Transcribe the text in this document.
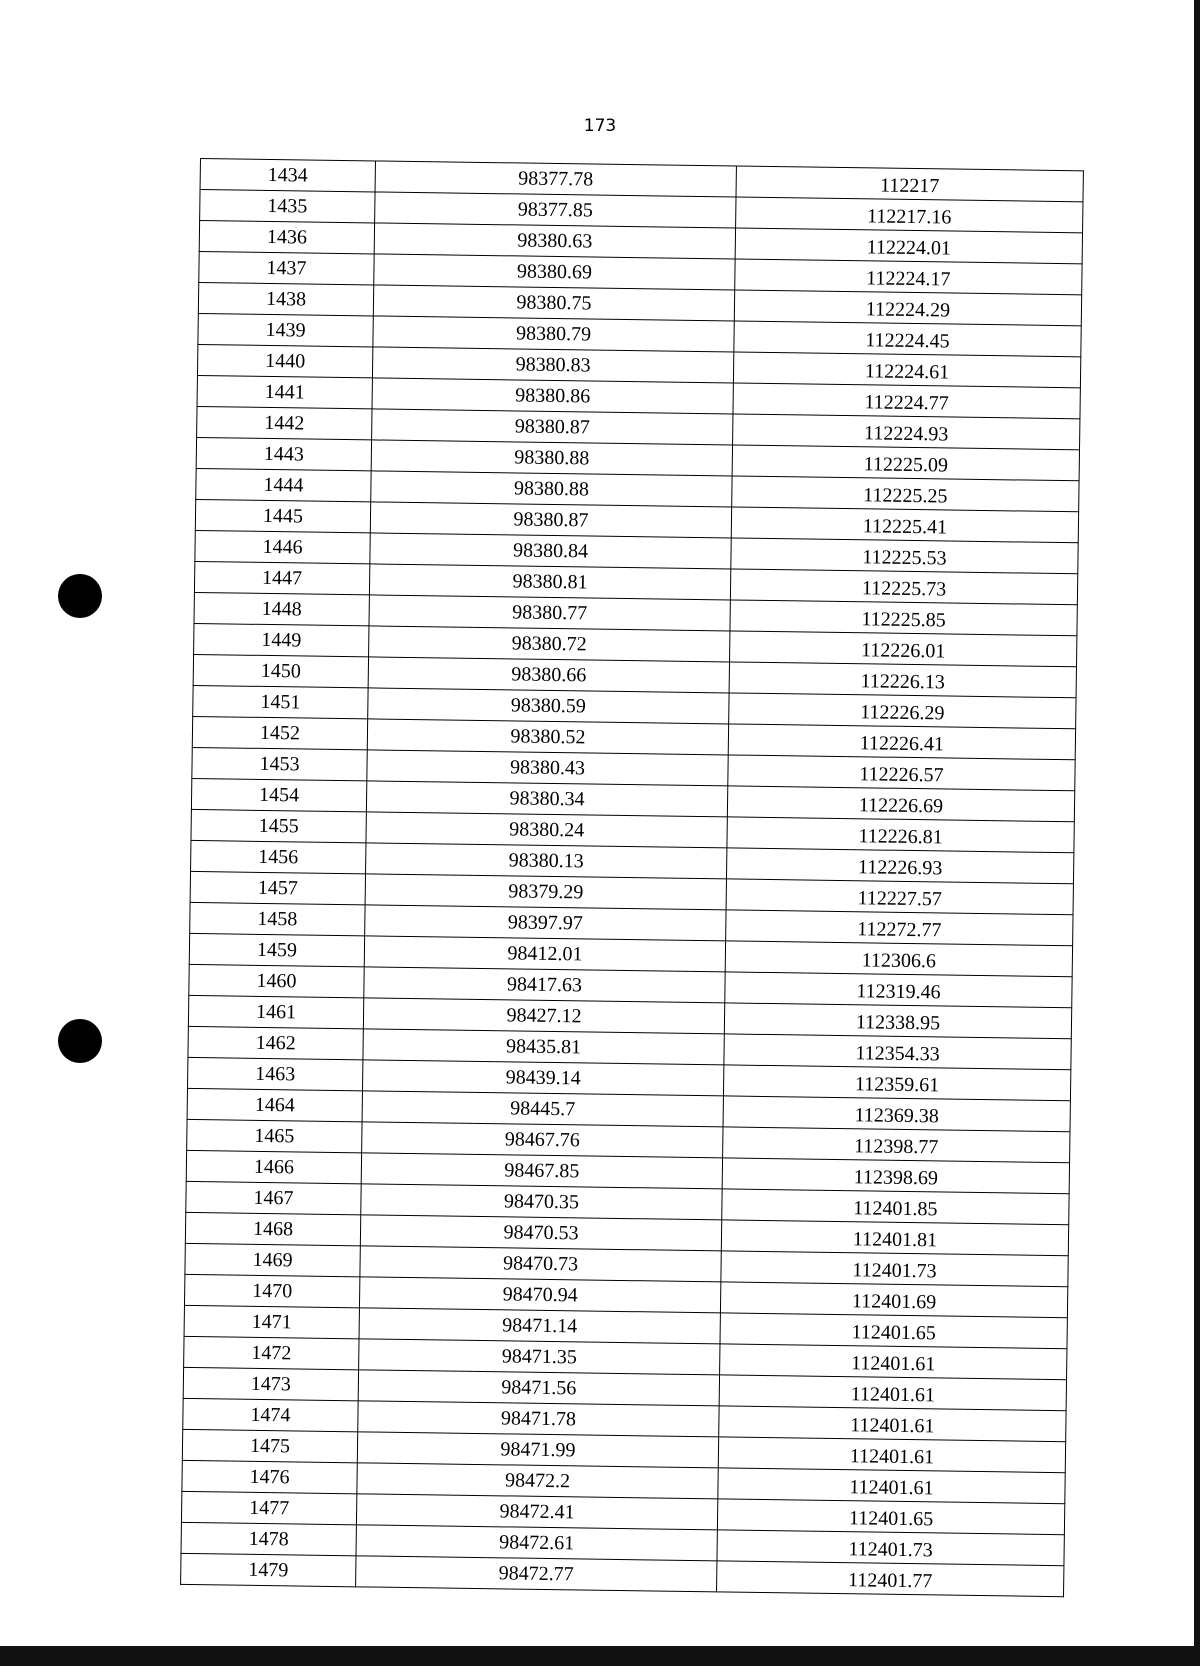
173
1434	98377.78	112217
1435	98377.85	112217.16
1436	98380.63	112224.01
1437	98380.69	112224.17
1438	98380.75	112224.29
1439	98380.79	112224.45
1440	98380.83	112224.61
1441	98380.86	112224.77
1442	98380.87	112224.93
1443	98380.88	112225.09
1444	98380.88	112225.25
1445	98380.87	112225.41
1446	98380.84	112225.53
1447	98380.81	112225.73
1448	98380.77	112225.85
1449	98380.72	112226.01
1450	98380.66	112226.13
1451	98380.59	112226.29
1452	98380.52	112226.41
1453	98380.43	112226.57
1454	98380.34	112226.69
1455	98380.24	112226.81
1456	98380.13	112226.93
1457	98379.29	112227.57
1458	98397.97	112272.77
1459	98412.01	112306.6
1460	98417.63	112319.46
1461	98427.12	112338.95
1462	98435.81	112354.33
1463	98439.14	112359.61
1464	98445.7	112369.38
1465	98467.76	112398.77
1466	98467.85	112398.69
1467	98470.35	112401.85
1468	98470.53	112401.81
1469	98470.73	112401.73
1470	98470.94	112401.69
1471	98471.14	112401.65
1472	98471.35	112401.61
1473	98471.56	112401.61
1474	98471.78	112401.61
1475	98471.99	112401.61
1476	98472.2	112401.61
1477	98472.41	112401.65
1478	98472.61	112401.73
1479	98472.77	112401.77
